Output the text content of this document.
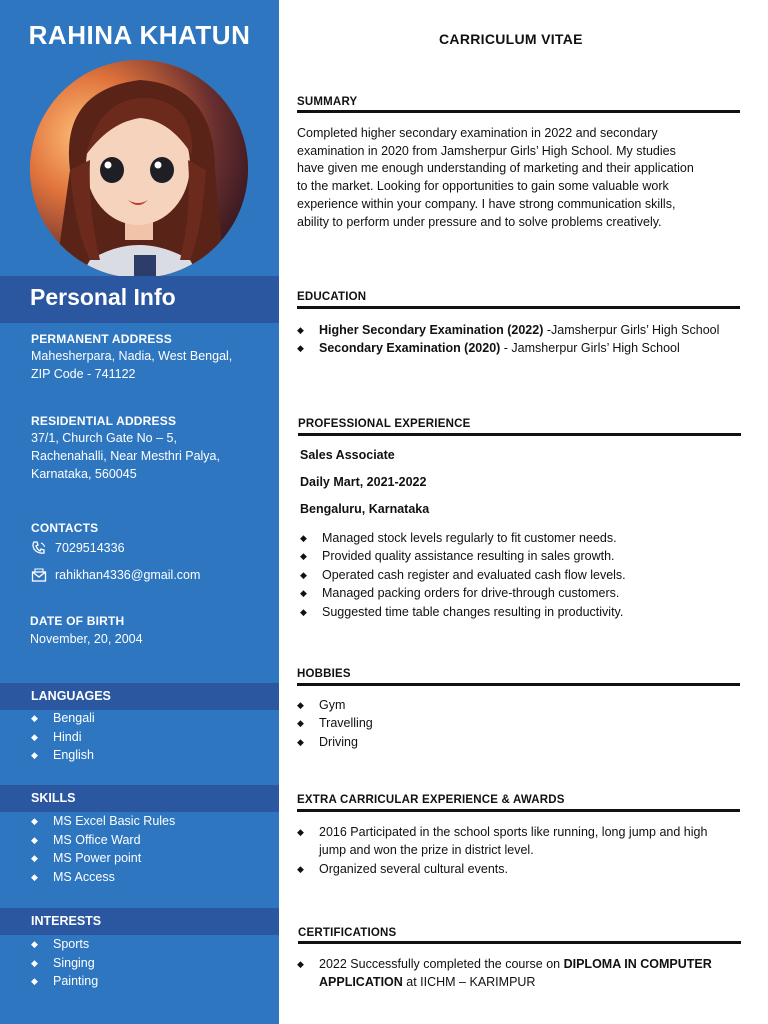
RAHINA KHATUN
Personal Info
PERMANENT ADDRESS
Mahesherpara, Nadia, West Bengal,
ZIP Code - 741122
RESIDENTIAL ADDRESS
37/1, Church Gate No – 5,
Rachenahalli, Near Mesthri Palya,
Karnataka, 560045
CONTACTS
7029514336
rahikhan4336@gmail.com
DATE OF BIRTH
November, 20, 2004
LANGUAGES
◆ Bengali
◆ Hindi
◆ English
SKILLS
◆ MS Excel Basic Rules
◆ MS Office Ward
◆ MS Power point
◆ MS Access
INTERESTS
◆ Sports
◆ Singing
◆ Painting
CARRICULUM VITAE
SUMMARY
Completed higher secondary examination in 2022 and secondary
examination in 2020 from Jamsherpur Girls’ High School. My studies
have given me enough understanding of marketing and their application
to the market. Looking for opportunities to gain some valuable work
experience within your company. I have strong communication skills,
ability to perform under pressure and to solve problems creatively.
EDUCATION
◆ Higher Secondary Examination (2022) -Jamsherpur Girls’ High School
◆ Secondary Examination (2020) - Jamsherpur Girls’ High School
PROFESSIONAL EXPERIENCE
Sales Associate
Daily Mart, 2021-2022
Bengaluru, Karnataka
◆ Managed stock levels regularly to fit customer needs.
◆ Provided quality assistance resulting in sales growth.
◆ Operated cash register and evaluated cash flow levels.
◆ Managed packing orders for drive-through customers.
◆ Suggested time table changes resulting in productivity.
HOBBIES
◆ Gym
◆ Travelling
◆ Driving
EXTRA CARRICULAR EXPERIENCE & AWARDS
◆ 2016 Participated in the school sports like running, long jump and high
jump and won the prize in district level.
◆ Organized several cultural events.
CERTIFICATIONS
◆ 2022 Successfully completed the course on DIPLOMA IN COMPUTER
APPLICATION at IICHM – KARIMPUR
